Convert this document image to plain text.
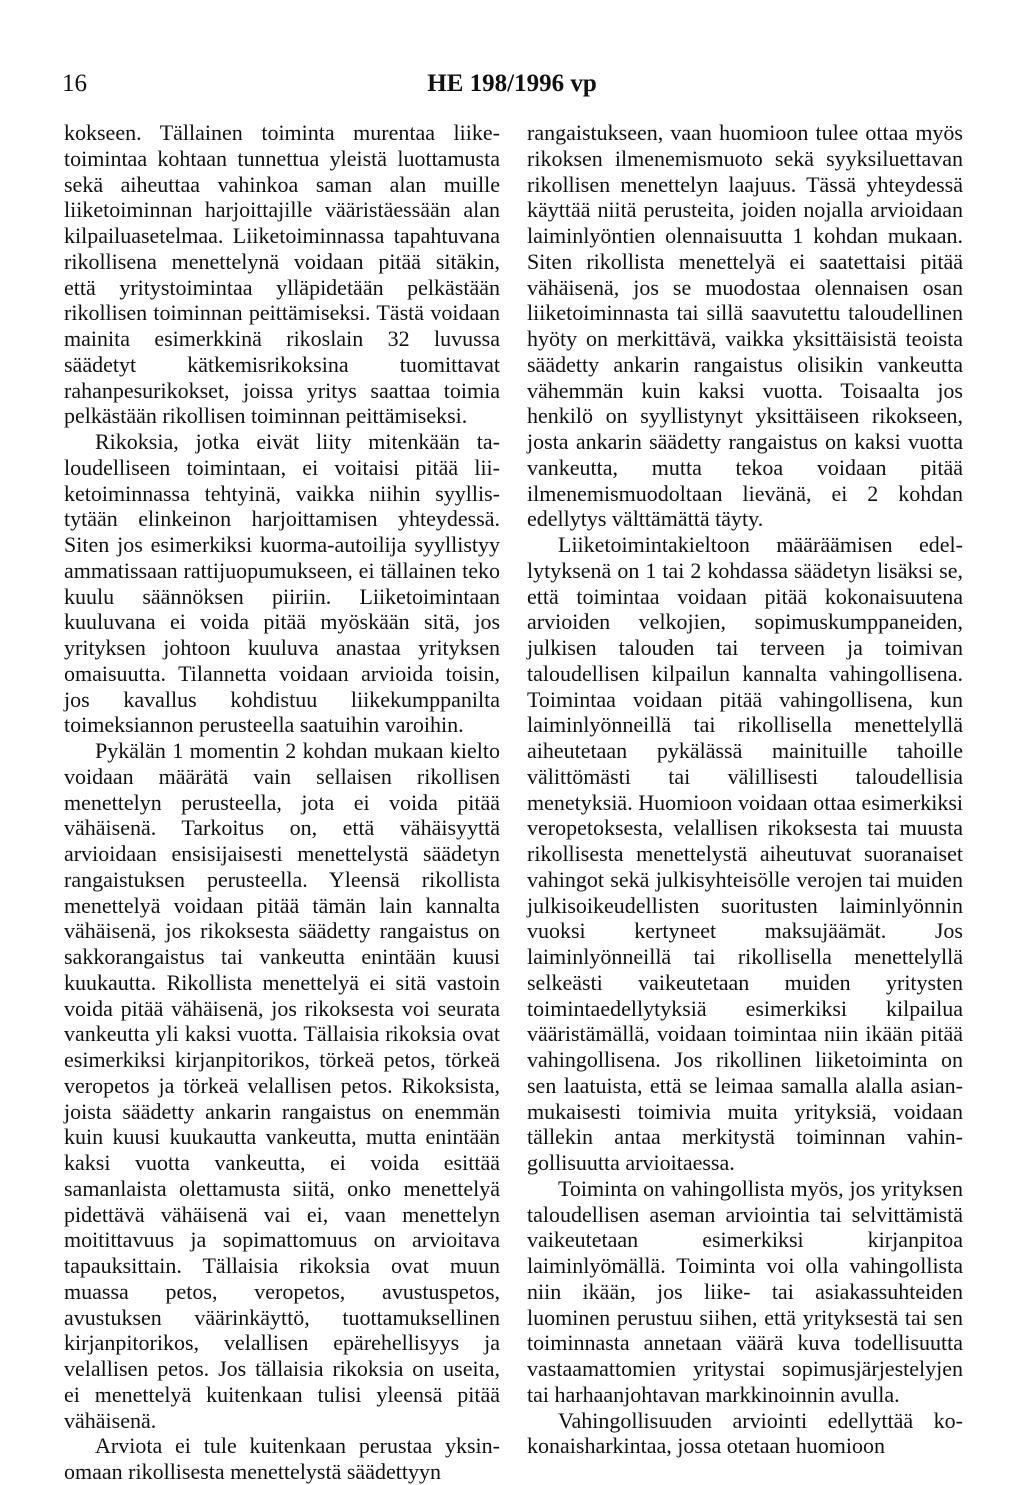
16	HE 198/1996 vp

kokseen. Tällainen toiminta murentaa liiketoimintaa kohtaan tunnettua yleistä luottamusta sekä aiheuttaa vahinkoa saman alan muille liiketoiminnan harjoittajille vääristäessään alan kilpailuasetelmaa. Liiketoiminnassa tapahtuvana rikollisena menettelynä voidaan pitää sitäkin, että yritystoimintaa ylläpidetään pelkästään rikollisen toiminnan peittämiseksi. Tästä voidaan mainita esimerkkinä rikoslain 32 luvussa säädetyt kätkemisrikoksina tuomittavat rahanpesurikokset, joissa yritys saattaa toimia pelkästään rikollisen toiminnan peittämiseksi.

Rikoksia, jotka eivät liity mitenkään taloudelliseen toimintaan, ei voitaisi pitää liiketoiminnassa tehtyinä, vaikka niihin syyllistytään elinkeinon harjoittamisen yhteydessä. Siten jos esimerkiksi kuorma-autoilija syyllistyy ammatissaan rattijuopumukseen, ei tällainen teko kuulu säännöksen piiriin. Liiketoimintaan kuuluvana ei voida pitää myöskään sitä, jos yrityksen johtoon kuuluva anastaa yrityksen omaisuutta. Tilannetta voidaan arvioida toisin, jos kavallus kohdistuu liikekumppanilta toimeksiannon perusteella saatuihin varoihin.

Pykälän 1 momentin 2 kohdan mukaan kielto voidaan määrätä vain sellaisen rikollisen menettelyn perusteella, jota ei voida pitää vähäisenä. Tarkoitus on, että vähäisyyttä arvioidaan ensisijaisesti menettelystä säädetyn rangaistuksen perusteella. Yleensä rikollista menettelyä voidaan pitää tämän lain kannalta vähäisenä, jos rikoksesta säädetty rangaistus on sakkorangaistus tai vankeutta enintään kuusi kuukautta. Rikollista menettelyä ei sitä vastoin voida pitää vähäisenä, jos rikoksesta voi seurata vankeutta yli kaksi vuotta. Tällaisia rikoksia ovat esimerkiksi kirjanpitorikos, törkeä petos, törkeä veropetos ja törkeä velallisen petos. Rikoksista, joista säädetty ankarin rangaistus on enemmän kuin kuusi kuukautta vankeutta, mutta enintään kaksi vuotta vankeutta, ei voida esittää samanlaista olettamusta siitä, onko menettelyä pidettävä vähäisenä vai ei, vaan menettelyn moitittavuus ja sopimattomuus on arvioitava tapauksittain. Tällaisia rikoksia ovat muun muassa petos, veropetos, avustuspetos, avustuksen väärinkäyttö, tuottamuksellinen kirjanpitorikos, velallisen epärehellisyys ja velallisen petos. Jos tällaisia rikoksia on useita, ei menettelyä kuitenkaan tulisi yleensä pitää vähäisenä.

Arviota ei tule kuitenkaan perustaa yksinomaan rikollisesta menettelystä säädettyyn

rangaistukseen, vaan huomioon tulee ottaa myös rikoksen ilmenemismuoto sekä syyksiluettavan rikollisen menettelyn laajuus. Tässä yhteydessä käyttää niitä perusteita, joiden nojalla arvioidaan laiminlyöntien olennaisuutta 1 kohdan mukaan. Siten rikollista menettelyä ei saatettaisi pitää vähäisenä, jos se muodostaa olennaisen osan liiketoiminnasta tai sillä saavutettu taloudellinen hyöty on merkittävä, vaikka yksittäisistä teoista säädetty ankarin rangaistus olisikin vankeutta vähemmän kuin kaksi vuotta. Toisaalta jos henkilö on syyllistynyt yksittäiseen rikokseen, josta ankarin säädetty rangaistus on kaksi vuotta vankeutta, mutta tekoa voidaan pitää ilmenemismuodoltaan lievänä, ei 2 kohdan edellytys välttämättä täyty.

Liiketoimintakieltoon määräämisen edellytyksenä on 1 tai 2 kohdassa säädetyn lisäksi se, että toimintaa voidaan pitää kokonaisuutena arvioiden velkojien, sopimuskumppaneiden, julkisen talouden tai terveen ja toimivan taloudellisen kilpailun kannalta vahingollisena. Toimintaa voidaan pitää vahingollisena, kun laiminlyönneillä tai rikollisella menettelyllä aiheutetaan pykälässä mainituille tahoille välittömästi tai välillisesti taloudellisia menetyksiä. Huomioon voidaan ottaa esimerkiksi veropetoksesta, velallisen rikoksesta tai muusta rikollisesta menettelystä aiheutuvat suoranaiset vahingot sekä julkisyhteisölle verojen tai muiden julkisoikeudellisten suoritusten laiminlyönnin vuoksi kertyneet maksujäämät. Jos laiminlyönneillä tai rikollisella menettelyllä selkeästi vaikeutetaan muiden yritysten toimintaedellytyksiä esimerkiksi kilpailua vääristämällä, voidaan toimintaa niin ikään pitää vahingollisena. Jos rikollinen liiketoiminta on sen laatuista, että se leimaa samalla alalla asianmukaisesti toimivia muita yrityksiä, voidaan tällekin antaa merkitystä toiminnan vahingollisuutta arvioitaessa.

Toiminta on vahingollista myös, jos yrityksen taloudellisen aseman arviointia tai selvittämistä vaikeutetaan esimerkiksi kirjanpitoa laiminlyömällä. Toiminta voi olla vahingollista niin ikään, jos liike- tai asiakassuhteiden luominen perustuu siihen, että yrityksestä tai sen toiminnasta annetaan väärä kuva todellisuutta vastaamattomien yritystai sopimusjärjestelyjen tai harhaanjohtavan markkinoinnin avulla.

Vahingollisuuden arviointi edellyttää kokonaisharkintaa, jossa otetaan huomioon
